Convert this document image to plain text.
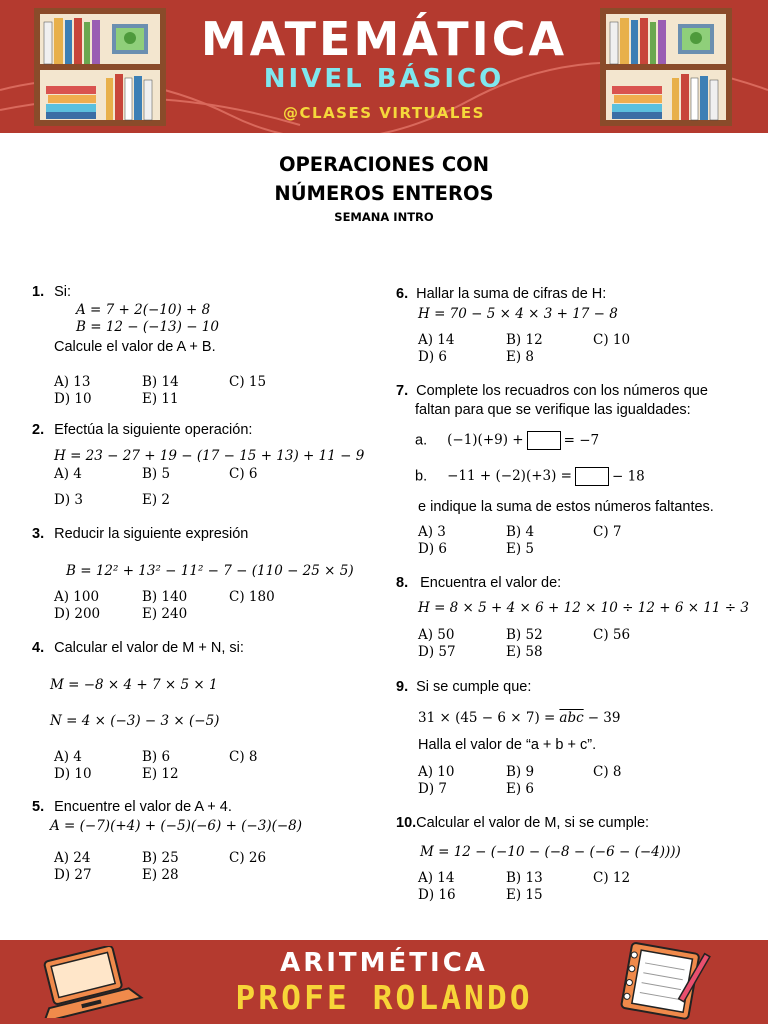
MATEMÁTICA
NIVEL BÁSICO
@CLASES VIRTUALES
OPERACIONES CON
NÚMEROS ENTEROS
SEMANA INTRO
1. Si:
A = 7 + 2(−10) + 8
B = 12 − (−13) − 10
Calcule el valor de A + B.
A) 13	B) 14	C) 15
D) 10	E) 11
2. Efectúa la siguiente operación:
H = 23 − 27 + 19 − (17 − 15 + 13) + 11 − 9
A) 4	B) 5	C) 6
D) 3	E) 2
3. Reducir la siguiente expresión
B = 12² + 13² − 11² − 7 − (110 − 25 × 5)
A) 100	B) 140	C) 180
D) 200	E) 240
4. Calcular el valor de M + N, si:
M = −8 × 4 + 7 × 5 × 1
N = 4 × (−3) − 3 × (−5)
A) 4	B) 6	C) 8
D) 10	E) 12
5. Encuentre el valor de A + 4.
A = (−7)(+4) + (−5)(−6) + (−3)(−8)
A) 24	B) 25	C) 26
D) 27	E) 28
6. Hallar la suma de cifras de H:
H = 70 − 5 × 4 × 3 + 17 − 8
A) 14	B) 12	C) 10
D) 6	E) 8
7. Complete los recuadros con los números que
faltan para que se verifique las igualdades:
a. (−1)(+9) +	= −7
b. −11 + (−2)(+3) =	− 18
e indique la suma de estos números faltantes.
A) 3	B) 4	C) 7
D) 6	E) 5
8. Encuentra el valor de:
H = 8 × 5 + 4 × 6 + 12 × 10 ÷ 12 + 6 × 11 ÷ 3
A) 50	B) 52	C) 56
D) 57	E) 58
9. Si se cumple que:
$31 \times (45 - 6 \times 7) = \overline{abc} - 39$
Halla el valor de “a + b + c”.
A) 10	B) 9	C) 8
D) 7	E) 6
10.Calcular el valor de M, si se cumple:
M = 12 − (−10 − (−8 − (−6 − (−4))))
A) 14	B) 13	C) 12
D) 16	E) 15
ARITMÉTICA
PROFE ROLANDO
